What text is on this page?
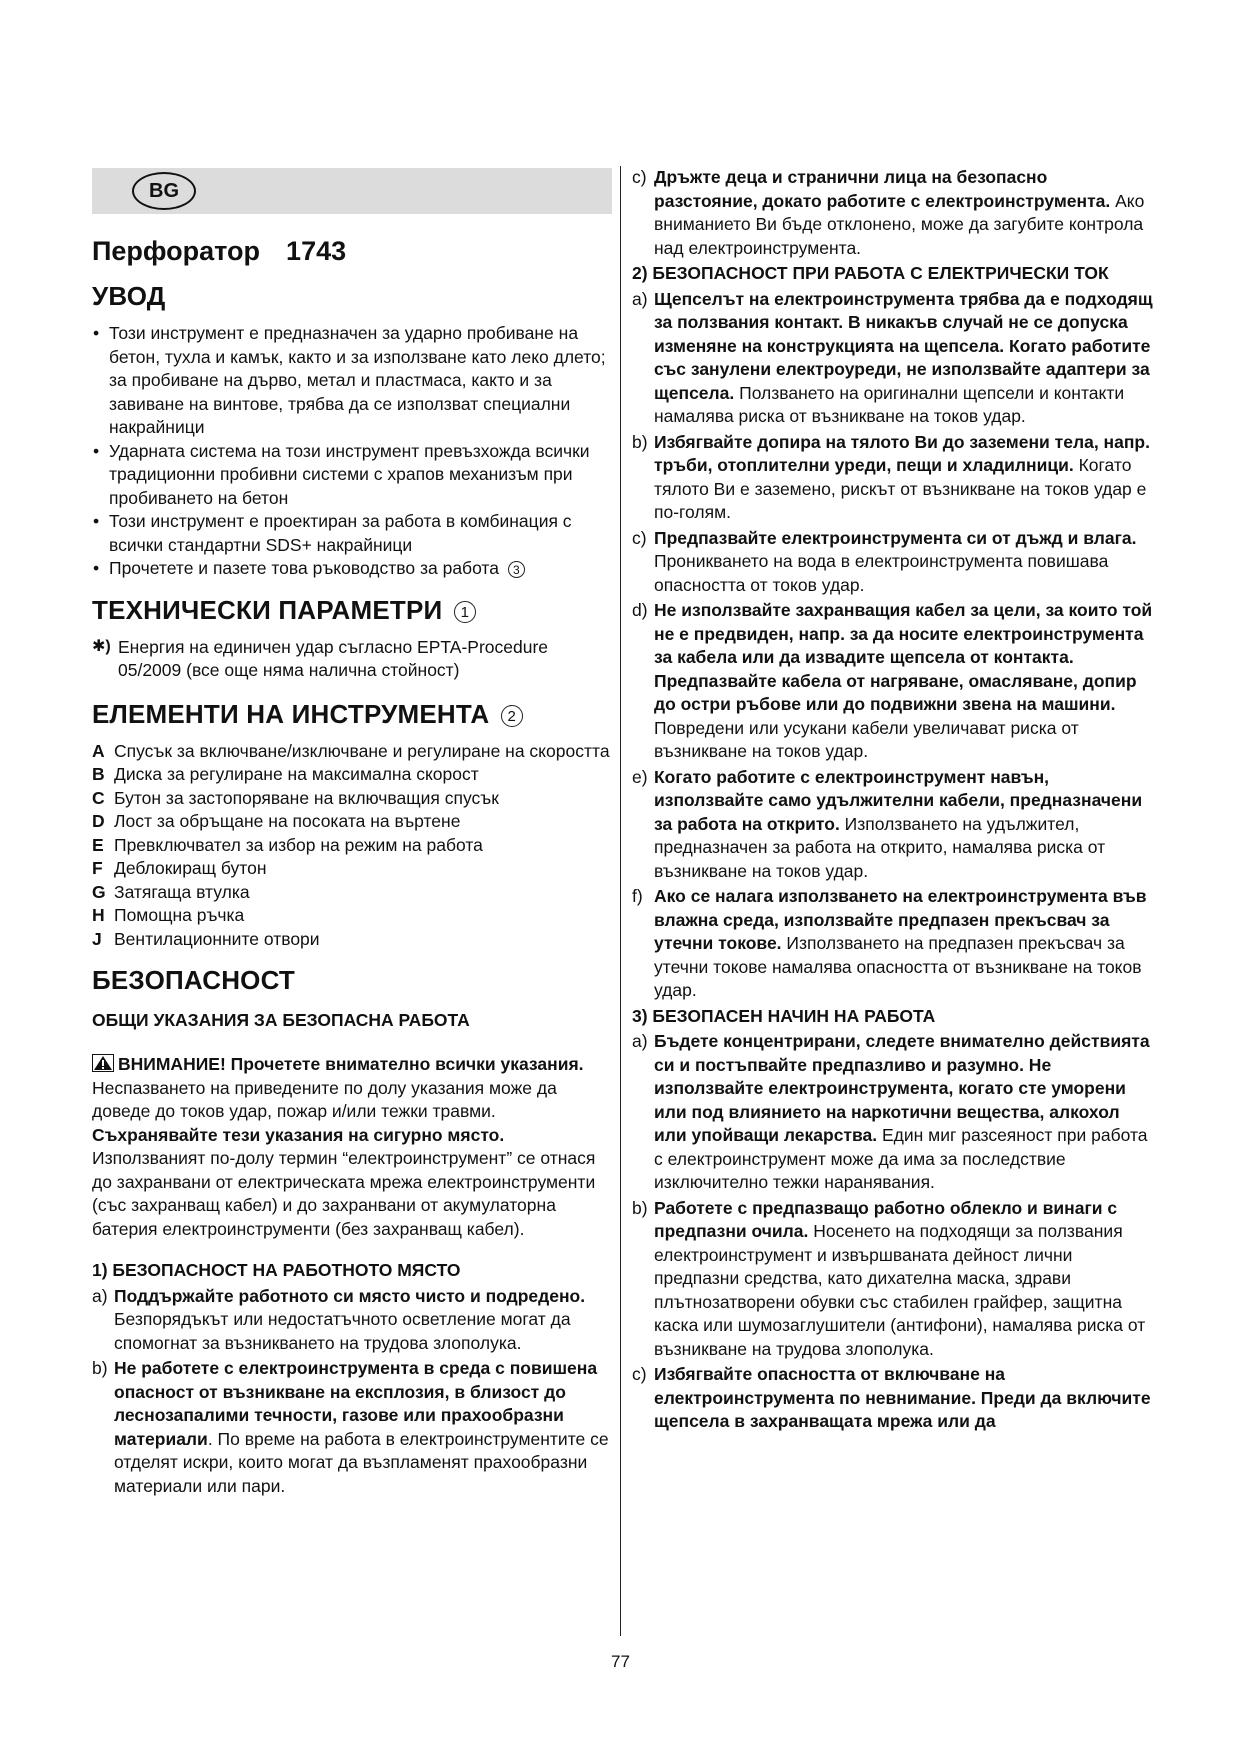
BG
Перфоратор 1743
УВОД
• Този инструмент е предназначен за ударно пробиване на бетон, тухла и камък, както и за използване като леко длето; за пробиване на дърво, метал и пластмаса, както и за завиване на винтове, трябва да се използват специални накрайници
• Ударната система на този инструмент превъзхожда всички традиционни пробивни системи с храпов механизъм при пробиването на бетон
• Този инструмент е проектиран за работа в комбинация с всички стандартни SDS+ накрайници
• Прочетете и пазете това ръководство за работа 3
ТЕХНИЧЕСКИ ПАРАМЕТРИ 1
✱) Енергия на единичен удар съгласно EPTA-Procedure 05/2009 (все още няма налична стойност)

ЕЛЕМЕНТИ НА ИНСТРУМЕНТА 2
A Спусък за включване/изключване и регулиране на скоростта
B Диска за регулиране на максимална скорост
C Бутон за застопоряване на включващия спусък
D Лост за обръщане на посоката на въртене
E Превключвател за избор на режим на работа
F Деблокиращ бутон
G Затягаща втулка
H Помощна ръчка
J Вентилационните отвори
БЕЗОПАСНОСТ
ОБЩИ УКАЗАНИЯ ЗА БЕЗОПАСНА РАБОТА

ВНИМАНИЕ! Прочетете внимателно всички указания. Неспазването на приведените по долу указания може да доведе до токов удар, пожар и/или тежки травми. Съхранявайте тези указания на сигурно място. Използваният по-долу термин “електроинструмент” се отнася до захранвани от електрическата мрежа електроинструменти (със захранващ кабел) и до захранвани от акумулаторна батерия електроинструменти (без захранващ кабел).

1) БЕЗОПАСНОСТ НА РАБОТНОТО МЯСТО
a) Поддържайте работното си място чисто и подредено. Безпорядъкът или недостатъчното осветление могат да спомогнат за възникването на трудова злополука.
b) Не работете с електроинструмента в среда с повишена опасност от възникване на експлозия, в близост до леснозапалими течности, газове или прахообразни материали. По време на работа в електроинструментите се отделят искри, които могат да възпламенят прахообразни материали или пари.
c) Дръжте деца и странични лица на безопасно разстояние, докато работите с електроинструмента. Ако вниманието Ви бъде отклонено, може да загубите контрола над електроинструмента.
2) БЕЗОПАСНОСТ ПРИ РАБОТА С ЕЛЕКТРИЧЕСКИ ТОК
a) Щепселът на електроинструмента трябва да е подходящ за ползвания контакт. В никакъв случай не се допуска изменяне на конструкцията на щепсела. Когато работите със занулени електроуреди, не използвайте адаптери за щепсела. Ползването на оригинални щепсели и контакти намалява риска от възникване на токов удар.
b) Избягвайте допира на тялото Ви до заземени тела, напр. тръби, отоплителни уреди, пещи и хладилници. Когато тялото Ви е заземено, рискът от възникване на токов удар е по-голям.
c) Предпазвайте електроинструмента си от дъжд и влага. Проникването на вода в електроинструмента повишава опасността от токов удар.
d) Не използвайте захранващия кабел за цели, за които той не е предвиден, напр. за да носите електроинструмента за кабела или да извадите щепсела от контакта. Предпазвайте кабела от нагряване, омасляване, допир до остри ръбове или до подвижни звена на машини. Повредени или усукани кабели увеличават риска от възникване на токов удар.
e) Когато работите с електроинструмент навън, използвайте само удължителни кабели, предназначени за работа на открито. Използването на удължител, предназначен за работа на открито, намалява риска от възникване на токов удар.
f) Ако се налага използването на електроинструмента във влажна среда, използвайте предпазен прекъсвач за утечни токове. Използването на предпазен прекъсвач за утечни токове намалява опасността от възникване на токов удар.
3) БЕЗОПАСЕН НАЧИН НА РАБОТА
a) Бъдете концентрирани, следете внимателно действията си и постъпвайте предпазливо и разумно. Не използвайте електроинструмента, когато сте уморени или под влиянието на наркотични вещества, алкохол или упойващи лекарства. Един миг разсеяност при работа с електроинструмент може да има за последствие изключително тежки наранявания.
b) Работете с предпазващо работно облекло и винаги с предпазни очила. Носенето на подходящи за ползвания електроинструмент и извършваната дейност лични предпазни средства, като дихателна маска, здрави плътнозатворени обувки със стабилен грайфер, защитна каска или шумозаглушители (антифони), намалява риска от възникване на трудова злополука.
c) Избягвайте опасността от включване на електроинструмента по невнимание. Преди да включите щепсела в захранващата мрежа или да
77
